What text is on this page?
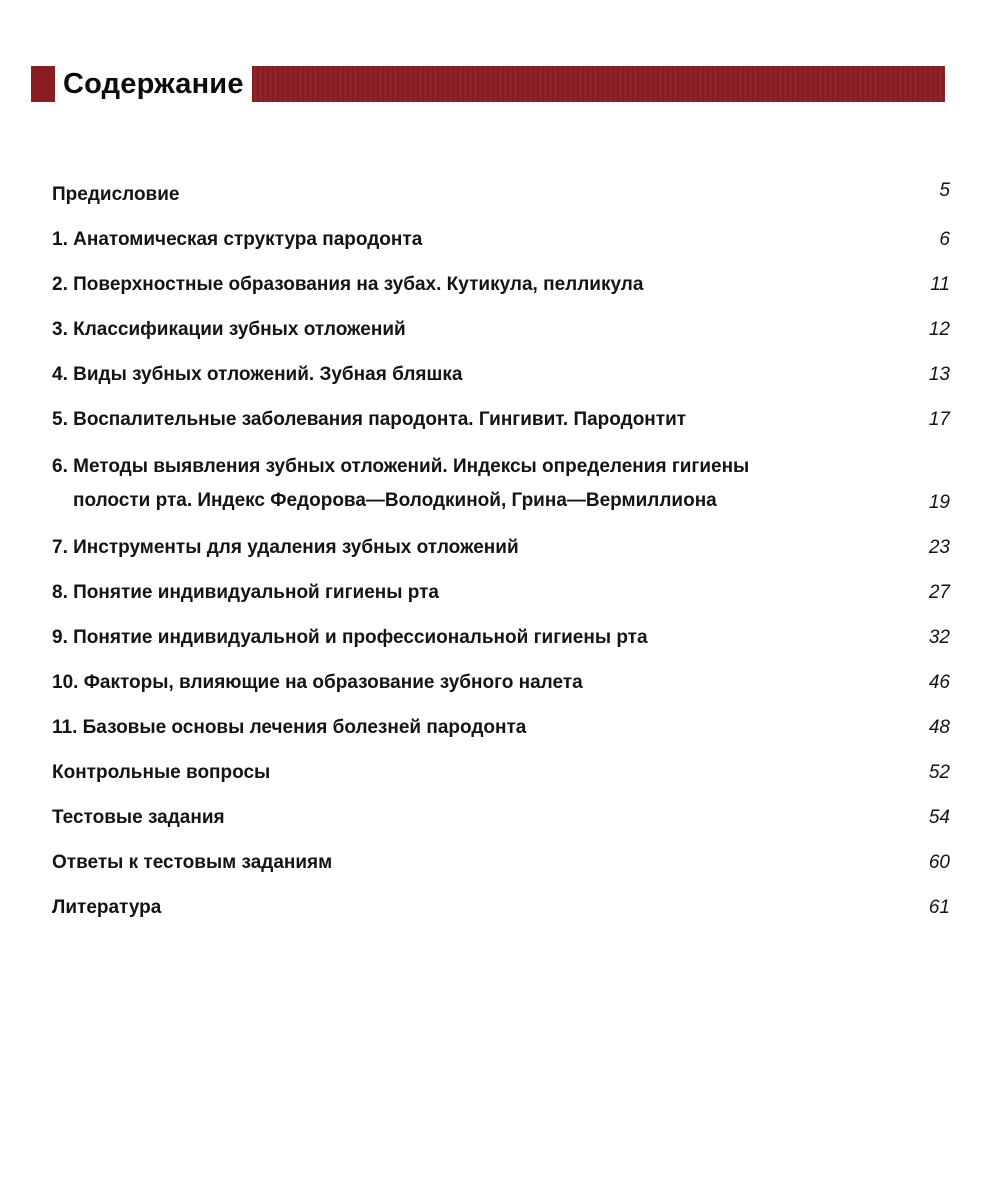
Содержание
Предисловие	5
1. Анатомическая структура пародонта	6
2. Поверхностные образования на зубах. Кутикула, пелликула	11
3. Классификации зубных отложений	12
4. Виды зубных отложений. Зубная бляшка	13
5. Воспалительные заболевания пародонта. Гингивит. Пародонтит	17
6. Методы выявления зубных отложений. Индексы определения гигиены
полости рта. Индекс Федорова—Володкиной, Грина—Вермиллиона	19
7. Инструменты для удаления зубных отложений	23
8. Понятие индивидуальной гигиены рта	27
9. Понятие индивидуальной и профессиональной гигиены рта	32
10. Факторы, влияющие на образование зубного налета	46
11. Базовые основы лечения болезней пародонта	48
Контрольные вопросы	52
Тестовые задания	54
Ответы к тестовым заданиям	60
Литература	61
